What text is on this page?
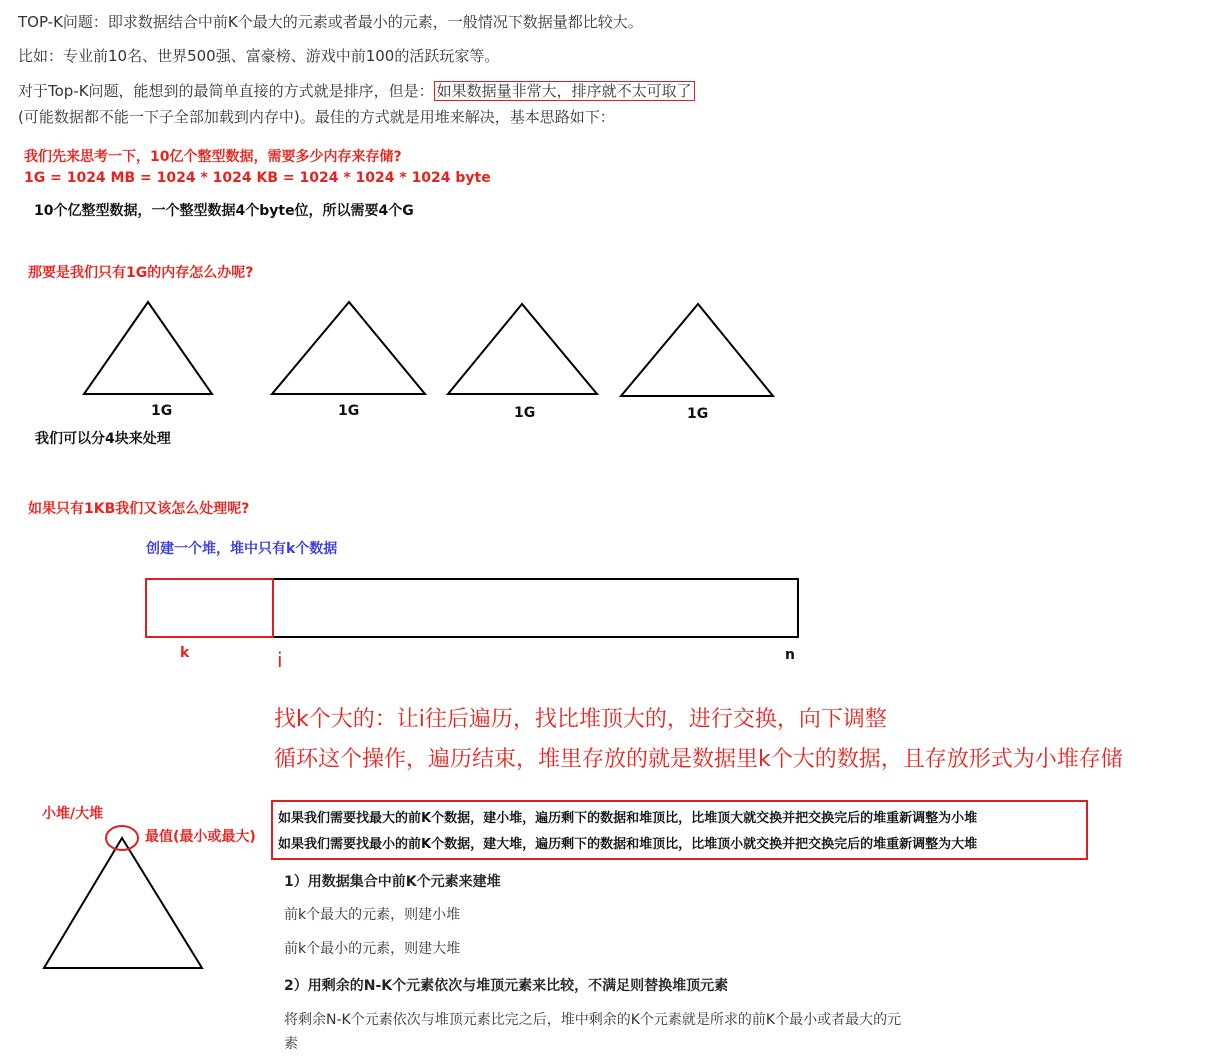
TOP-K问题：即求数据结合中前K个最大的元素或者最小的元素，一般情况下数据量都比较大。
比如：专业前10名、世界500强、富豪榜、游戏中前100的活跃玩家等。
对于Top-K问题，能想到的最简单直接的方式就是排序，但是： 如果数据量非常大，排序就不太可取了
(可能数据都不能一下子全部加载到内存中)。最佳的方式就是用堆来解决，基本思路如下：
我们先来思考一下，10亿个整型数据，需要多少内存来存储?
1G = 1024 MB = 1024 * 1024 KB = 1024 * 1024 * 1024 byte
10个亿整型数据，一个整型数据4个byte位，所以需要4个G
那要是我们只有1G的内存怎么办呢?
1G	1G	1G	1G
我们可以分4块来处理
如果只有1KB我们又该怎么处理呢?
创建一个堆，堆中只有k个数据
k	i	n
找k个大的：让i往后遍历，找比堆顶大的，进行交换，向下调整
循环这个操作，遍历结束，堆里存放的就是数据里k个大的数据，且存放形式为小堆存储
小堆/大堆
最值(最小或最大)
如果我们需要找最大的前K个数据，建小堆，遍历剩下的数据和堆顶比，比堆顶大就交换并把交换完后的堆重新调整为小堆
如果我们需要找最小的前K个数据，建大堆，遍历剩下的数据和堆顶比，比堆顶小就交换并把交换完后的堆重新调整为大堆
1）用数据集合中前K个元素来建堆
前k个最大的元素，则建小堆
前k个最小的元素，则建大堆
2）用剩余的N-K个元素依次与堆顶元素来比较，不满足则替换堆顶元素
将剩余N-K个元素依次与堆顶元素比完之后，堆中剩余的K个元素就是所求的前K个最小或者最大的元
素
